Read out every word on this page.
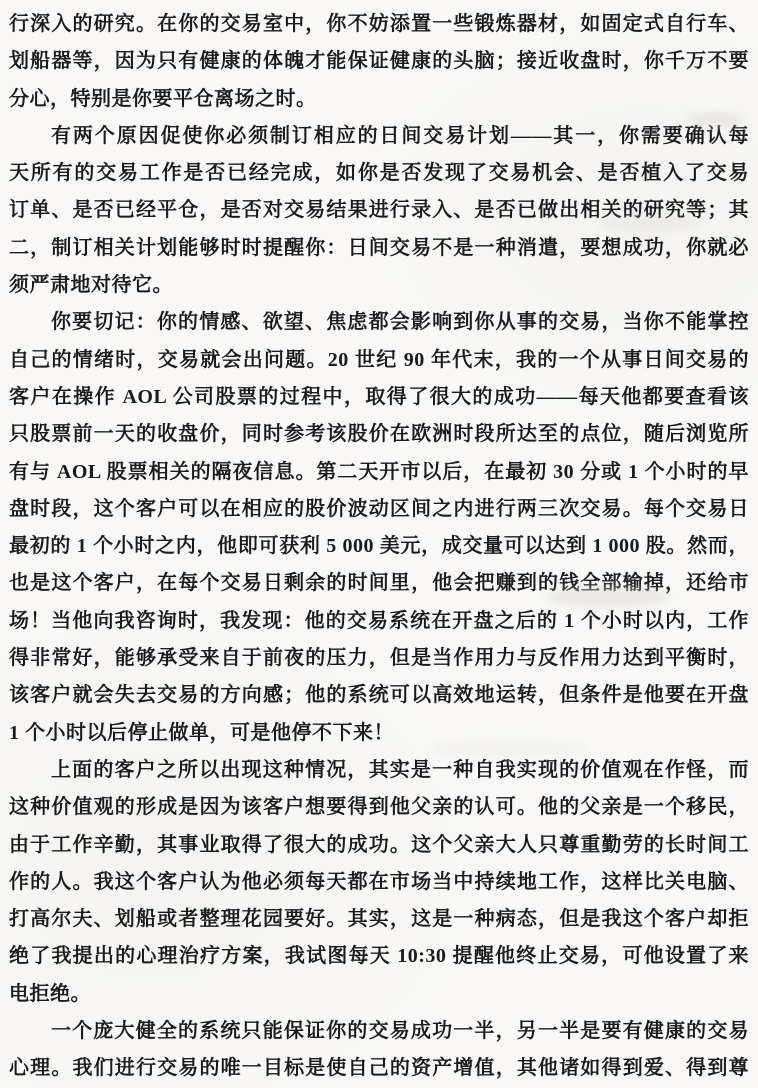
行深入的研究。在你的交易室中，你不妨添置一些锻炼器材，如固定式自行车、
划船器等，因为只有健康的体魄才能保证健康的头脑；接近收盘时，你千万不要
分心，特别是你要平仓离场之时。
有两个原因促使你必须制订相应的日间交易计划——其一，你需要确认每
天所有的交易工作是否已经完成，如你是否发现了交易机会、是否植入了交易
订单、是否已经平仓，是否对交易结果进行录入、是否已做出相关的研究等；其
二，制订相关计划能够时时提醒你：日间交易不是一种消遣，要想成功，你就必
须严肃地对待它。
你要切记：你的情感、欲望、焦虑都会影响到你从事的交易，当你不能掌控
自己的情绪时，交易就会出问题。20 世纪 90 年代末，我的一个从事日间交易的
客户在操作 AOL 公司股票的过程中，取得了很大的成功——每天他都要查看该
只股票前一天的收盘价，同时参考该股价在欧洲时段所达至的点位，随后浏览所
有与 AOL 股票相关的隔夜信息。第二天开市以后，在最初 30 分或 1 个小时的早
盘时段，这个客户可以在相应的股价波动区间之内进行两三次交易。每个交易日
最初的 1 个小时之内，他即可获利 5 000 美元，成交量可以达到 1 000 股。然而，
也是这个客户，在每个交易日剩余的时间里，他会把赚到的钱全部输掉，还给市
场！当他向我咨询时，我发现：他的交易系统在开盘之后的 1 个小时以内，工作
得非常好，能够承受来自于前夜的压力，但是当作用力与反作用力达到平衡时，
该客户就会失去交易的方向感；他的系统可以高效地运转，但条件是他要在开盘
1 个小时以后停止做单，可是他停不下来！
上面的客户之所以出现这种情况，其实是一种自我实现的价值观在作怪，而
这种价值观的形成是因为该客户想要得到他父亲的认可。他的父亲是一个移民，
由于工作辛勤，其事业取得了很大的成功。这个父亲大人只尊重勤劳的长时间工
作的人。我这个客户认为他必须每天都在市场当中持续地工作，这样比关电脑、
打高尔夫、划船或者整理花园要好。其实，这是一种病态，但是我这个客户却拒
绝了我提出的心理治疗方案，我试图每天 10:30 提醒他终止交易，可他设置了来
电拒绝。
一个庞大健全的系统只能保证你的交易成功一半，另一半是要有健康的交易
心理。我们进行交易的唯一目标是使自己的资产增值，其他诸如得到爱、得到尊
